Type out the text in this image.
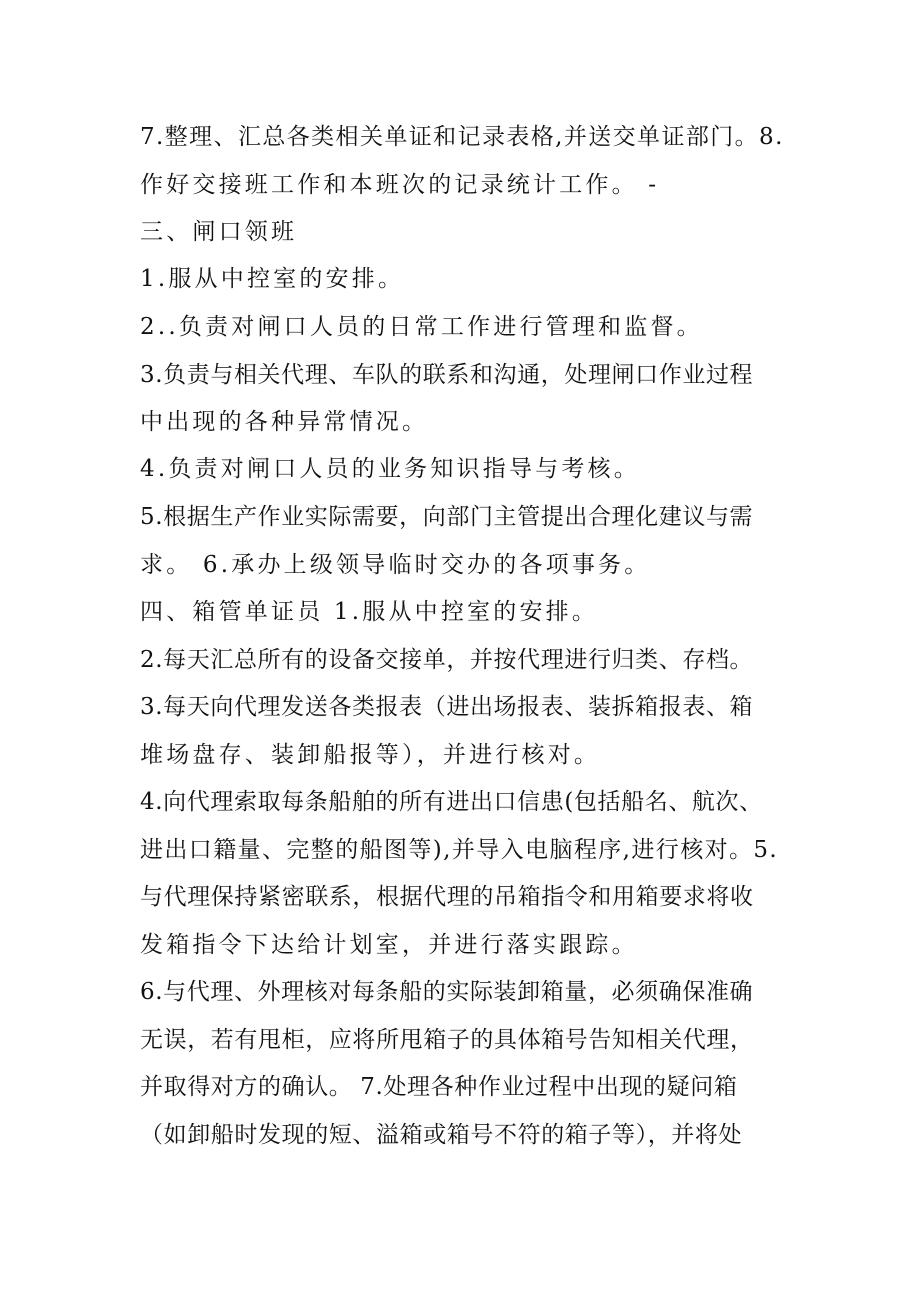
7.整理、汇总各类相关单证和记录表格,并送交单证部门。8.
作好交接班工作和本班次的记录统计工作。 -
三、闸口领班
1.服从中控室的安排。
2..负责对闸口人员的日常工作进行管理和监督。
3.负责与相关代理、车队的联系和沟通，处理闸口作业过程
中出现的各种异常情况。
4.负责对闸口人员的业务知识指导与考核。
5.根据生产作业实际需要，向部门主管提出合理化建议与需
求。 6.承办上级领导临时交办的各项事务。
四、箱管单证员 1.服从中控室的安排。
2.每天汇总所有的设备交接单，并按代理进行归类、存档。
3.每天向代理发送各类报表（进出场报表、装拆箱报表、箱
堆场盘存、装卸船报等），并进行核对。
4.向代理索取每条船舶的所有进出口信患(包括船名、航次、
进出口籍量、完整的船图等),并导入电脑程序,进行核对。5.
与代理保持紧密联系，根据代理的吊箱指令和用箱要求将收
发箱指令下达给计划室，并进行落实跟踪。
6.与代理、外理核对每条船的实际装卸箱量，必须确保准确
无误，若有甩柜，应将所甩箱子的具体箱号告知相关代理，
并取得对方的确认。 7.处理各种作业过程中出现的疑问箱
（如卸船时发现的短、溢箱或箱号不符的箱子等），并将处
